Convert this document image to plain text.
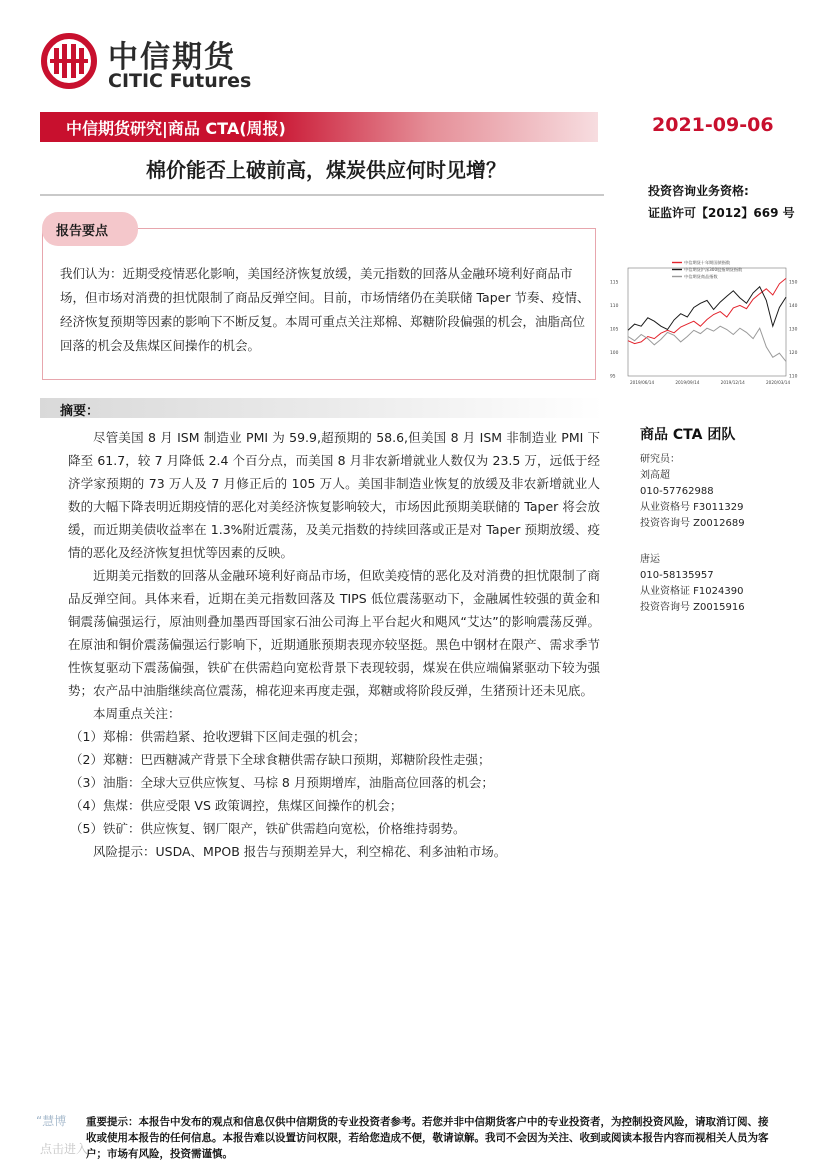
中信期货
CITIC Futures
中信期货研究|商品 CTA(周报)	2021-09-06
棉价能否上破前高，煤炭供应何时见增？
投资咨询业务资格:
证监许可【2012】669 号
报告要点
我们认为：近期受疫情恶化影响，美国经济恢复放缓，美元指数的回落从金融环境利好商品市场，但市场对消费的担忧限制了商品反弹空间。目前，市场情绪仍在美联储 Taper 节奏、疫情、经济恢复预期等因素的影响下不断反复。本周可重点关注郑棉、郑糖阶段偏强的机会，油脂高位回落的机会及焦煤区间操作的机会。
中信期货十年期国债指数
中信期货沪深300股指期货指数
中信期货商品指数
115
110
105
100
95
150
140
130
120
110
2019/06/14	2019/09/14	2019/12/14	2020/03/14
摘要：

尽管美国 8 月 ISM 制造业 PMI 为 59.9,超预期的 58.6,但美国 8 月 ISM 非制造业 PMI 下降至 61.7，较 7 月降低 2.4 个百分点，而美国 8 月非农新增就业人数仅为 23.5 万，远低于经济学家预期的 73 万人及 7 月修正后的 105 万人。美国非制造业恢复的放缓及非农新增就业人数的大幅下降表明近期疫情的恶化对美经济恢复影响较大，市场因此预期美联储的 Taper 将会放缓，而近期美债收益率在 1.3%附近震荡，及美元指数的持续回落或正是对 Taper 预期放缓、疫情的恶化及经济恢复担忧等因素的反映。

近期美元指数的回落从金融环境利好商品市场，但欧美疫情的恶化及对消费的担忧限制了商品反弹空间。具体来看，近期在美元指数回落及 TIPS 低位震荡驱动下，金融属性较强的黄金和铜震荡偏强运行，原油则叠加墨西哥国家石油公司海上平台起火和飓风“艾达”的影响震荡反弹。在原油和铜价震荡偏强运行影响下，近期通胀预期表现亦较坚挺。黑色中钢材在限产、需求季节性恢复驱动下震荡偏强，铁矿在供需趋向宽松背景下表现较弱，煤炭在供应端偏紧驱动下较为强势；农产品中油脂继续高位震荡，棉花迎来再度走强，郑糖或将阶段反弹，生猪预计还未见底。

本周重点关注：

（1）郑棉：供需趋紧、抢收逻辑下区间走强的机会；

（2）郑糖：巴西糖减产背景下全球食糖供需存缺口预期，郑糖阶段性走强；

（3）油脂：全球大豆供应恢复、马棕 8 月预期增库，油脂高位回落的机会；

（4）焦煤：供应受限 VS 政策调控，焦煤区间操作的机会；

（5）铁矿：供应恢复、钢厂限产，铁矿供需趋向宽松，价格维持弱势。

风险提示：USDA、MPOB 报告与预期差异大，利空棉花、利多油粕市场。

商品 CTA 团队
研究员：
刘高超
010-57762988
从业资格号 F3011329
投资咨询号 Z0012689
唐运
010-58135957
从业资格证 F1024390
投资咨询号 Z0015916
“慧博 重要提示：本报告中发布的观点和信息仅供中信期货的专业投资者参考。若您并非中信期货客户中的专业投资者，为控制投资风险，请取消订阅、接收或使用本报告的任何信息。本报告难以设置访问权限，若给您造成不便，敬请谅解。我司不会因为关注、收到或阅读本报告内容而视相关人员为客户；市场有风险，投资需谨慎。
点击进入
